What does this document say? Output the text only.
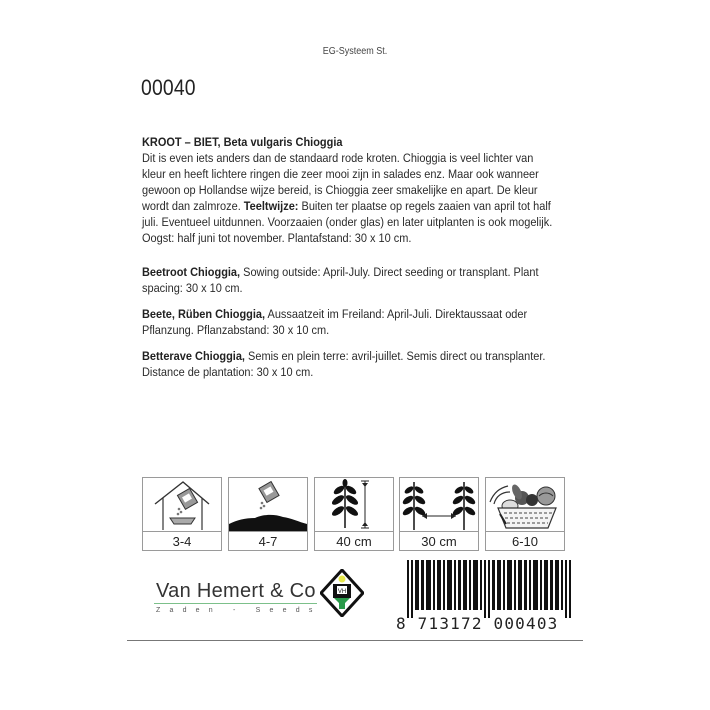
EG-Systeem St.
00040
KROOT – BIET, Beta vulgaris Chioggia
Dit is even iets anders dan de standaard rode kroten. Chioggia is veel lichter van kleur en heeft lichtere ringen die zeer mooi zijn in salades enz. Maar ook wanneer gewoon op Hollandse wijze bereid, is Chioggia zeer smakelijke en apart. De kleur wordt dan zalmroze. Teeltwijze: Buiten ter plaatse op regels zaaien van april tot half juli. Eventueel uitdunnen. Voorzaaien (onder glas) en later uitplanten is ook mogelijk. Oogst: half juni tot november. Plantafstand: 30 x 10 cm.
Beetroot Chioggia, Sowing outside: April-July. Direct seeding or transplant. Plant spacing: 30 x 10 cm.
Beete, Rüben Chioggia, Aussaatzeit im Freiland: April-Juli. Direktaussaat oder Pflanzung. Pflanzabstand: 30 x 10 cm.
Betterave Chioggia, Semis en plein terre: avril-juillet. Semis direct ou transplanter. Distance de plantation: 30 x 10 cm.
3-4	4-7	40 cm	30 cm	6-10
Van Hemert & Co
Zaden - Seeds
VH
8 713172 000403
